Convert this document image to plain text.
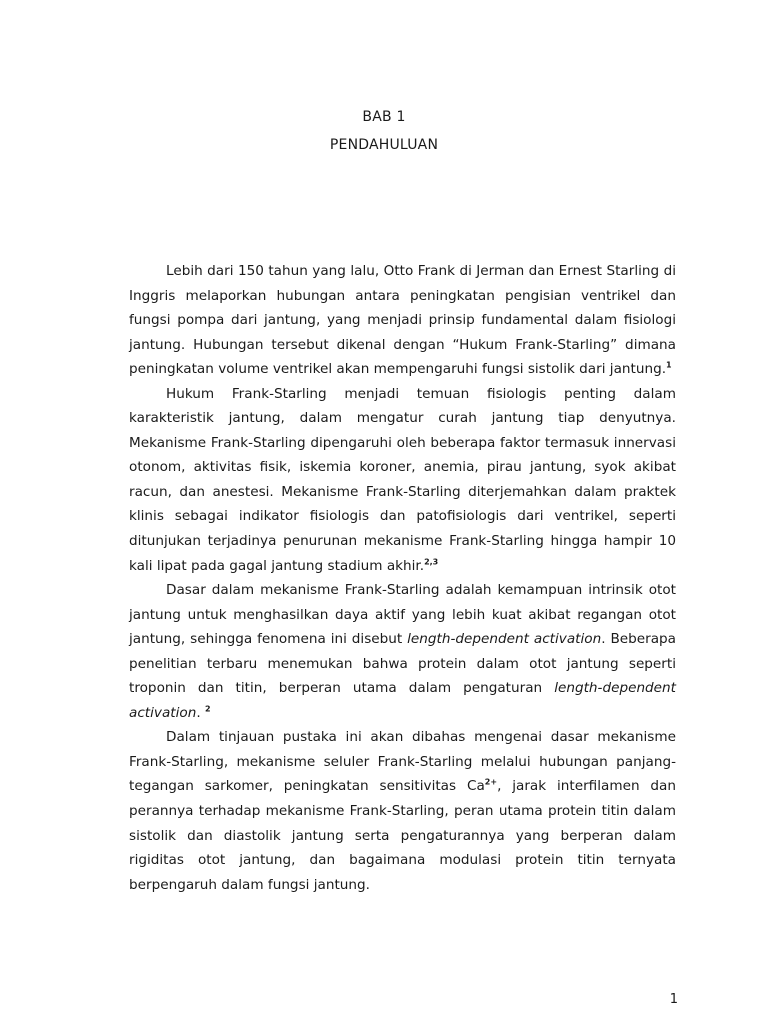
BAB 1
PENDAHULUAN

Lebih dari 150 tahun yang lalu, Otto Frank di Jerman dan Ernest Starling di Inggris melaporkan hubungan antara peningkatan pengisian ventrikel dan fungsi pompa dari jantung, yang menjadi prinsip fundamental dalam fisiologi jantung. Hubungan tersebut dikenal dengan “Hukum Frank-Starling” dimana peningkatan volume ventrikel akan mempengaruhi fungsi sistolik dari jantung.$^1$

Hukum Frank-Starling menjadi temuan fisiologis penting dalam karakteristik jantung, dalam mengatur curah jantung tiap denyutnya. Mekanisme Frank-Starling dipengaruhi oleh beberapa faktor termasuk innervasi otonom, aktivitas fisik, iskemia koroner, anemia, pirau jantung, syok akibat racun, dan anestesi. Mekanisme Frank-Starling diterjemahkan dalam praktek klinis sebagai indikator fisiologis dan patofisiologis dari ventrikel, seperti ditunjukan terjadinya penurunan mekanisme Frank-Starling hingga hampir 10 kali lipat pada gagal jantung stadium akhir.$^{2,3}$

Dasar dalam mekanisme Frank-Starling adalah kemampuan intrinsik otot jantung untuk menghasilkan daya aktif yang lebih kuat akibat regangan otot jantung, sehingga fenomena ini disebut length-dependent activation. Beberapa penelitian terbaru menemukan bahwa protein dalam otot jantung seperti troponin dan titin, berperan utama dalam pengaturan length-dependent activation. $^2$

Dalam tinjauan pustaka ini akan dibahas mengenai dasar mekanisme Frank-Starling, mekanisme seluler Frank-Starling melalui hubungan panjang-tegangan sarkomer, peningkatan sensitivitas $Ca^{2+}$, jarak interfilamen dan perannya terhadap mekanisme Frank-Starling, peran utama protein titin dalam sistolik dan diastolik jantung serta pengaturannya yang berperan dalam rigiditas otot jantung, dan bagaimana modulasi protein titin ternyata berpengaruh dalam fungsi jantung.

1
